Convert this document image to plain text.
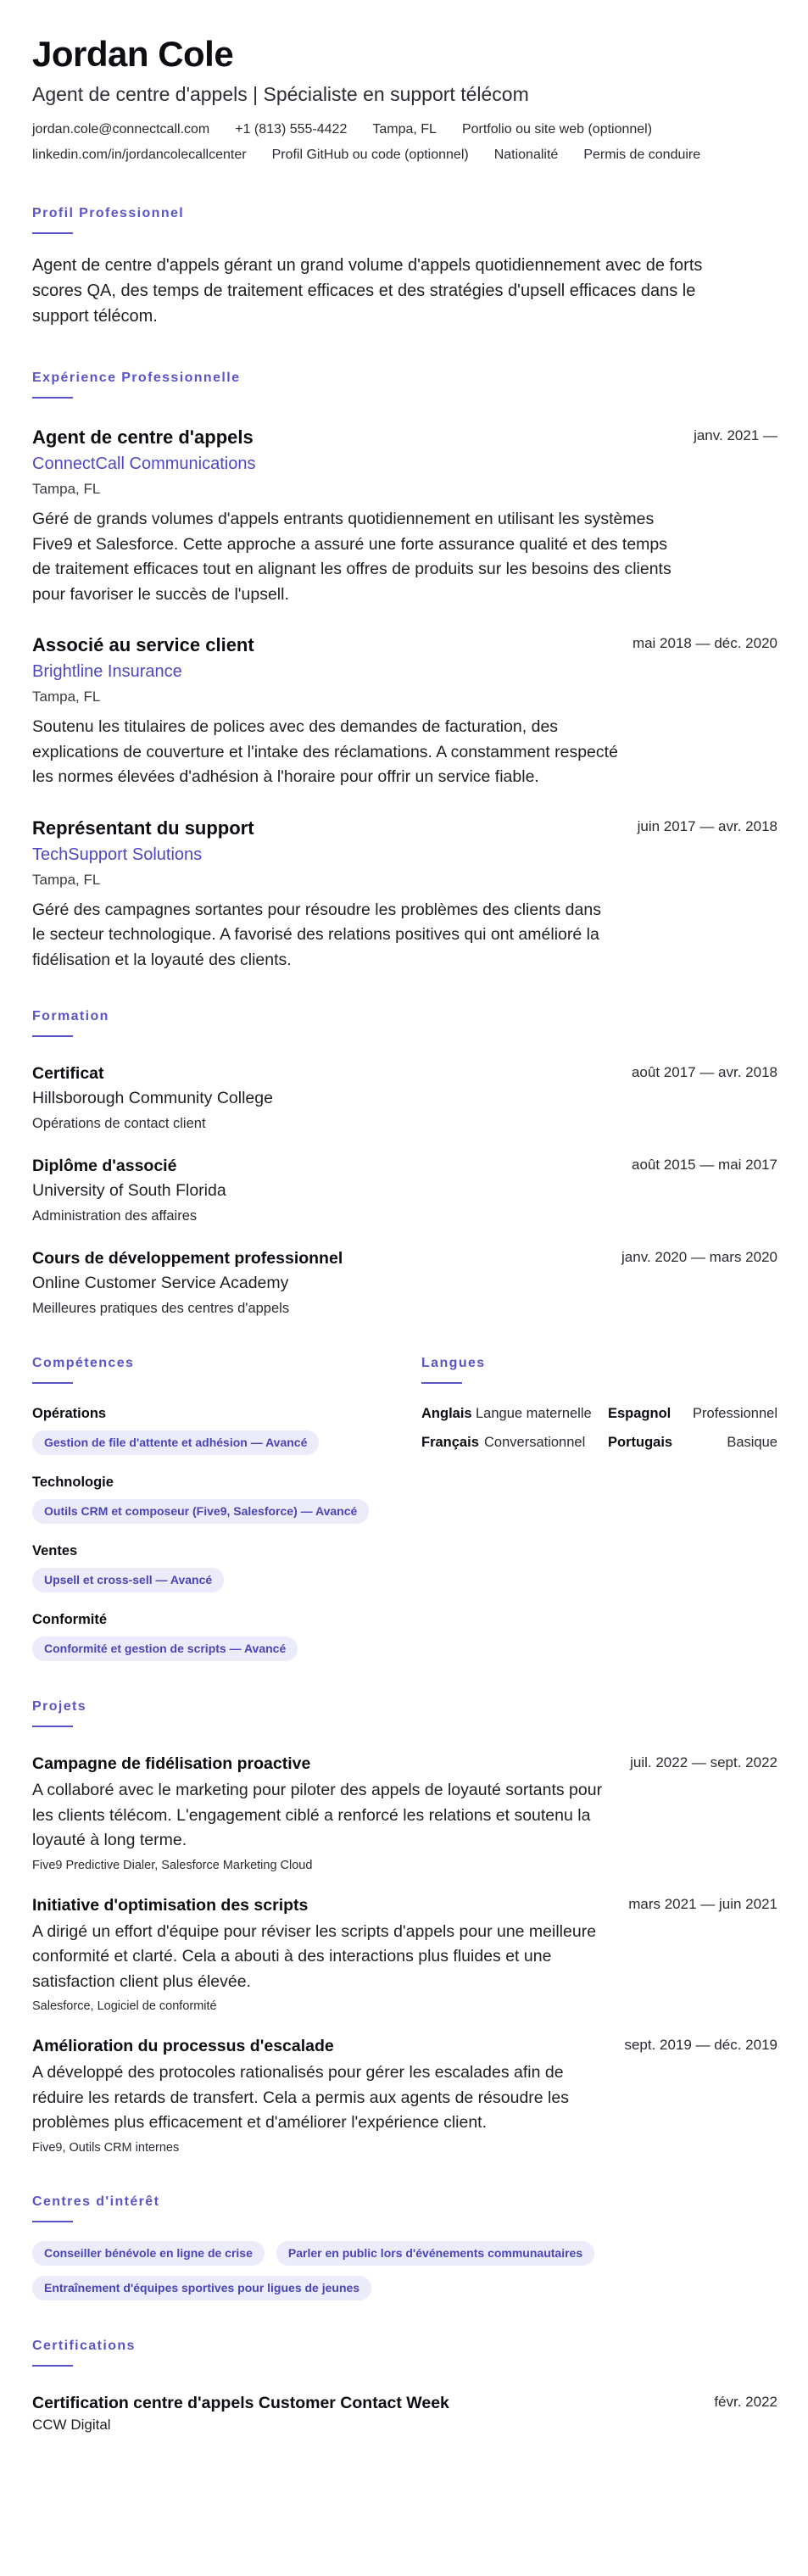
Jordan Cole
Agent de centre d'appels | Spécialiste en support télécom
jordan.cole@connectcall.com +1 (813) 555-4422 Tampa, FL Portfolio ou site web (optionnel)
linkedin.com/in/jordancolecallcenter Profil GitHub ou code (optionnel) Nationalité Permis de conduire
Profil Professionnel
Agent de centre d'appels gérant un grand volume d'appels quotidiennement avec de forts scores QA, des temps de traitement efficaces et des stratégies d'upsell efficaces dans le support télécom.
Expérience Professionnelle
Agent de centre d'appels	janv. 2021 —
ConnectCall Communications
Tampa, FL
Géré de grands volumes d'appels entrants quotidiennement en utilisant les systèmes Five9 et Salesforce. Cette approche a assuré une forte assurance qualité et des temps de traitement efficaces tout en alignant les offres de produits sur les besoins des clients pour favoriser le succès de l'upsell.
Associé au service client	mai 2018 — déc. 2020
Brightline Insurance
Tampa, FL
Soutenu les titulaires de polices avec des demandes de facturation, des explications de couverture et l'intake des réclamations. A constamment respecté les normes élevées d'adhésion à l'horaire pour offrir un service fiable.
Représentant du support	juin 2017 — avr. 2018
TechSupport Solutions
Tampa, FL
Géré des campagnes sortantes pour résoudre les problèmes des clients dans le secteur technologique. A favorisé des relations positives qui ont amélioré la fidélisation et la loyauté des clients.
Formation
Certificat	août 2017 — avr. 2018
Hillsborough Community College
Opérations de contact client
Diplôme d'associé	août 2015 — mai 2017
University of South Florida
Administration des affaires
Cours de développement professionnel	janv. 2020 — mars 2020
Online Customer Service Academy
Meilleures pratiques des centres d'appels
Compétences
Opérations
Gestion de file d'attente et adhésion — Avancé
Technologie
Outils CRM et composeur (Five9, Salesforce) — Avancé
Ventes
Upsell et cross-sell — Avancé
Conformité
Conformité et gestion de scripts — Avancé
Langues
Anglais Langue maternelle	Espagnol	Professionnel
Français Conversationnel	Portugais	Basique
Projets
Campagne de fidélisation proactive	juil. 2022 — sept. 2022
A collaboré avec le marketing pour piloter des appels de loyauté sortants pour les clients télécom. L'engagement ciblé a renforcé les relations et soutenu la loyauté à long terme.
Five9 Predictive Dialer, Salesforce Marketing Cloud
Initiative d'optimisation des scripts	mars 2021 — juin 2021
A dirigé un effort d'équipe pour réviser les scripts d'appels pour une meilleure conformité et clarté. Cela a abouti à des interactions plus fluides et une satisfaction client plus élevée.
Salesforce, Logiciel de conformité
Amélioration du processus d'escalade	sept. 2019 — déc. 2019
A développé des protocoles rationalisés pour gérer les escalades afin de réduire les retards de transfert. Cela a permis aux agents de résoudre les problèmes plus efficacement et d'améliorer l'expérience client.
Five9, Outils CRM internes
Centres d'intérêt
Conseiller bénévole en ligne de crise	Parler en public lors d'événements communautaires
Entraînement d'équipes sportives pour ligues de jeunes
Certifications
Certification centre d'appels Customer Contact Week	févr. 2022
CCW Digital
